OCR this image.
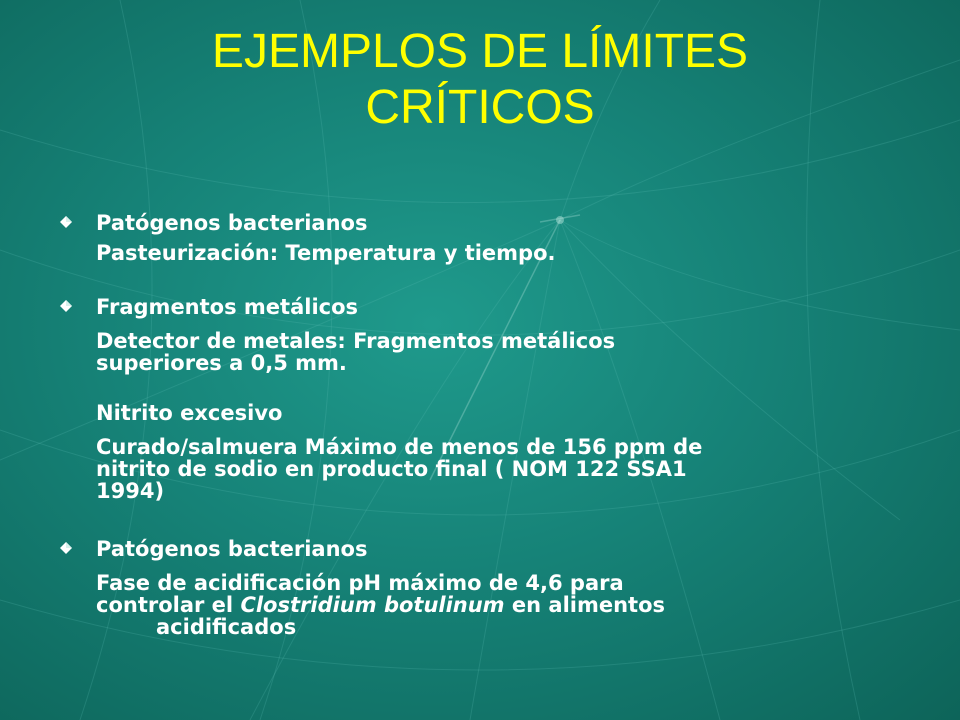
EJEMPLOS DE LÍMITES
CRÍTICOS
Patógenos bacterianos
Pasteurización: Temperatura y tiempo.
Fragmentos metálicos
Detector de metales: Fragmentos metálicos
superiores a 0,5 mm.
Nitrito excesivo
Curado/salmuera Máximo de menos de 156 ppm de
nitrito de sodio en producto final ( NOM 122 SSA1
1994)
Patógenos bacterianos
Fase de acidificación pH máximo de 4,6 para
controlar el Clostridium botulinum en alimentos
acidificados
